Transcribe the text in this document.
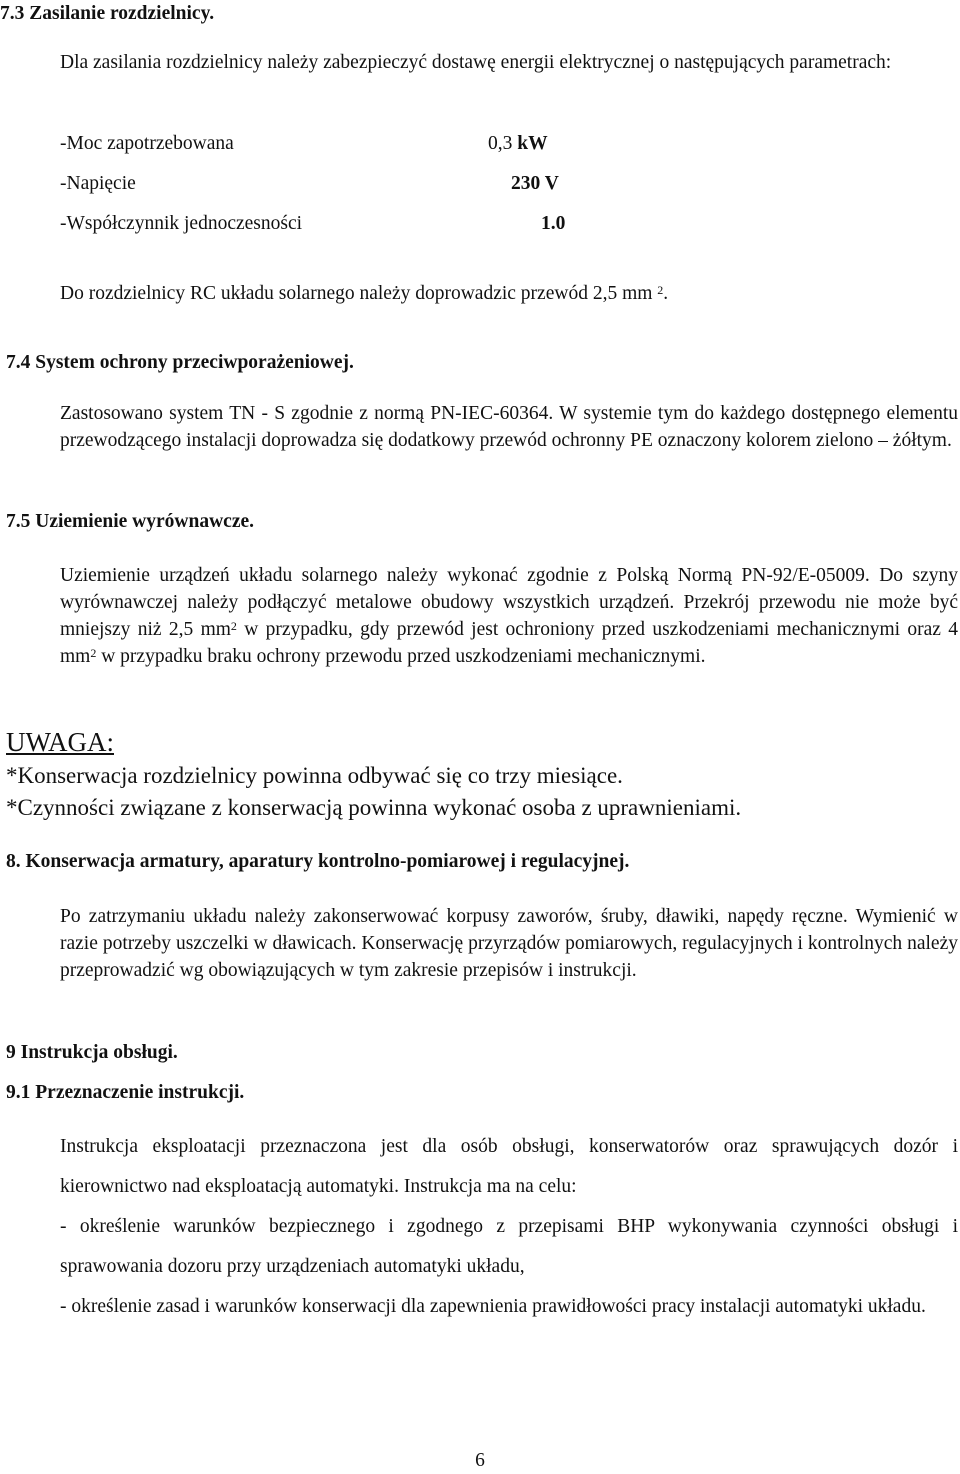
7.3 Zasilanie rozdzielnicy.

Dla zasilania rozdzielnicy należy zabezpieczyć dostawę energii elektrycznej o następujących parametrach:

-Moc zapotrzebowana	0,3 kW
-Napięcie	230 V
-Współczynnik jednoczesności	1.0

Do rozdzielnicy RC układu solarnego należy doprowadzic przewód 2,5 mm $^2$.

7.4 System ochrony przeciwporażeniowej.

Zastosowano system TN - S zgodnie z normą PN-IEC-60364. W systemie tym do każdego dostępnego elementu przewodzącego instalacji doprowadza się dodatkowy przewód ochronny PE oznaczony kolorem zielono – żółtym.

7.5 Uziemienie wyrównawcze.

Uziemienie urządzeń układu solarnego należy wykonać zgodnie z Polską Normą PN-92/E-05009. Do szyny wyrównawczej należy podłączyć metalowe obudowy wszystkich urządzeń. Przekrój przewodu nie może być mniejszy niż 2,5 $mm^2$ w przypadku, gdy przewód jest ochroniony przed uszkodzeniami mechanicznymi oraz 4 $mm^2$ w przypadku braku ochrony przewodu przed uszkodzeniami mechanicznymi.

UWAGA:
*Konserwacja rozdzielnicy powinna odbywać się co trzy miesiące.
*Czynności związane z konserwacją powinna wykonać osoba z uprawnieniami.
8. Konserwacja armatury, aparatury kontrolno-pomiarowej i regulacyjnej.

Po zatrzymaniu układu należy zakonserwować korpusy zaworów, śruby, dławiki, napędy ręczne. Wymienić w razie potrzeby uszczelki w dławicach. Konserwację przyrządów pomiarowych, regulacyjnych i kontrolnych należy przeprowadzić wg obowiązujących w tym zakresie przepisów i instrukcji.

9 Instrukcja obsługi.
9.1 Przeznaczenie instrukcji.

Instrukcja eksploatacji przeznaczona jest dla osób obsługi, konserwatorów oraz sprawujących dozór i kierownictwo nad eksploatacją automatyki. Instrukcja ma na celu:

- określenie warunków bezpiecznego i zgodnego z przepisami BHP wykonywania czynności obsługi i sprawowania dozoru przy urządzeniach automatyki układu,

- określenie zasad i warunków konserwacji dla zapewnienia prawidłowości pracy instalacji automatyki układu.

6
